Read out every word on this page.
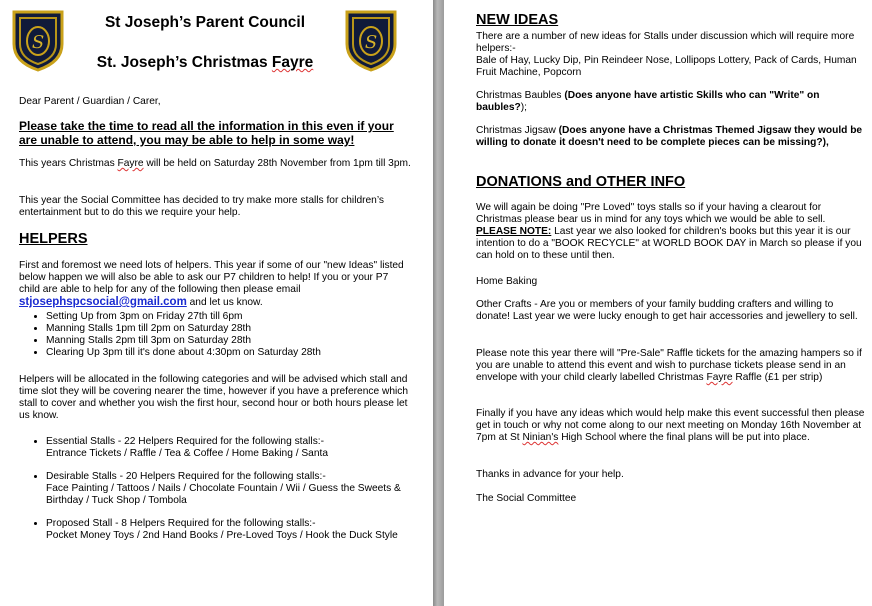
S	S
St Joseph’s Parent Council
St. Joseph’s Christmas Fayre

Dear Parent / Guardian / Carer,

Please take the time to read all the information in this even if your are unable to attend, you may be able to help in some way!

This years Christmas Fayre will be held on Saturday 28th November from 1pm till 3pm.

This year the Social Committee has decided to try make more stalls for children’s entertainment but to do this we require your help.

HELPERS

First and foremost we need lots of helpers. This year if some of our "new Ideas" listed below happen we will also be able to ask our P7 children to help! If you or your P7 child are able to help for any of the following then please email
stjosephspcsocial@gmail.com and let us know.

• Setting Up from 3pm on Friday 27th till 6pm
• Manning Stalls 1pm till 2pm on Saturday 28th
• Manning Stalls 2pm till 3pm on Saturday 28th
• Clearing Up 3pm till it's done about 4:30pm on Saturday 28th

Helpers will be allocated in the following categories and will be advised which stall and time slot they will be covering nearer the time, however if you have a preference which stall to cover and whether you wish the first hour, second hour or both hours please let us know.

• Essential Stalls - 22 Helpers Required for the following stalls:-
Entrance Tickets / Raffle / Tea & Coffee / Home Baking / Santa
• Desirable Stalls - 20 Helpers Required for the following stalls:-
Face Painting / Tattoos / Nails / Chocolate Fountain / Wii / Guess the Sweets & Birthday / Tuck Shop / Tombola
• Proposed Stall - 8 Helpers Required for the following stalls:-
Pocket Money Toys / 2nd Hand Books / Pre-Loved Toys / Hook the Duck Style
NEW IDEAS

There are a number of new ideas for Stalls under discussion which will require more helpers:-
Bale of Hay, Lucky Dip, Pin Reindeer Nose, Lollipops Lottery, Pack of Cards, Human Fruit Machine, Popcorn

Christmas Baubles (Does anyone have artistic Skills who can "Write" on baubles?);

Christmas Jigsaw (Does anyone have a Christmas Themed Jigsaw they would be willing to donate it doesn't need to be complete pieces can be missing?),

DONATIONS and OTHER INFO

We will again be doing "Pre Loved" toys stalls so if your having a clearout for Christmas please bear us in mind for any toys which we would be able to sell.
PLEASE NOTE: Last year we also looked for children's books but this year it is our intention to do a "BOOK RECYCLE" at WORLD BOOK DAY in March so please if you can hold on to these until then.

Home Baking

Other Crafts - Are you or members of your family budding crafters and willing to donate! Last year we were lucky enough to get hair accessories and jewellery to sell.

Please note this year there will "Pre-Sale" Raffle tickets for the amazing hampers so if you are unable to attend this event and wish to purchase tickets please send in an envelope with your child clearly labelled Christmas Fayre Raffle (£1 per strip)

Finally if you have any ideas which would help make this event successful then please get in touch or why not come along to our next meeting on Monday 16th November at 7pm at St Ninian's High School where the final plans will be put into place.

Thanks in advance for your help.

The Social Committee
